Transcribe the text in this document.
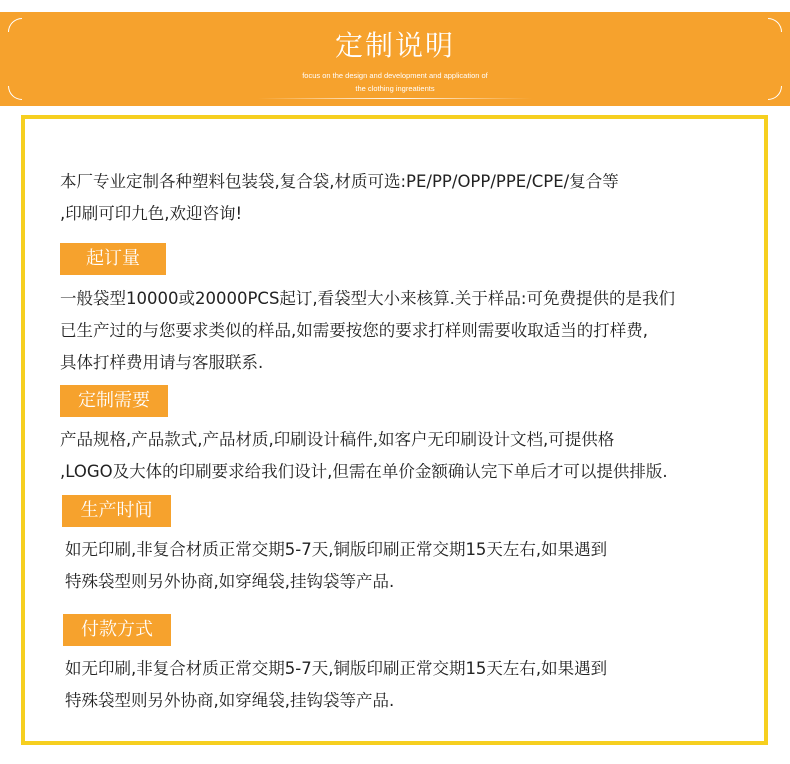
定制说明
focus on the design and development and application of
the clothing ingreatients
本厂专业定制各种塑料包装袋,复合袋,材质可选:PE/PP/OPP/PPE/CPE/复合等
,印刷可印九色,欢迎咨询!
起订量
一般袋型10000或20000PCS起订,看袋型大小来核算.关于样品:可免费提供的是我们
已生产过的与您要求类似的样品,如需要按您的要求打样则需要收取适当的打样费,
具体打样费用请与客服联系.
定制需要
产品规格,产品款式,产品材质,印刷设计稿件,如客户无印刷设计文档,可提供格
,LOGO及大体的印刷要求给我们设计,但需在单价金额确认完下单后才可以提供排版.
生产时间
如无印刷,非复合材质正常交期5-7天,铜版印刷正常交期15天左右,如果遇到
特殊袋型则另外协商,如穿绳袋,挂钩袋等产品.
付款方式
如无印刷,非复合材质正常交期5-7天,铜版印刷正常交期15天左右,如果遇到
特殊袋型则另外协商,如穿绳袋,挂钩袋等产品.
